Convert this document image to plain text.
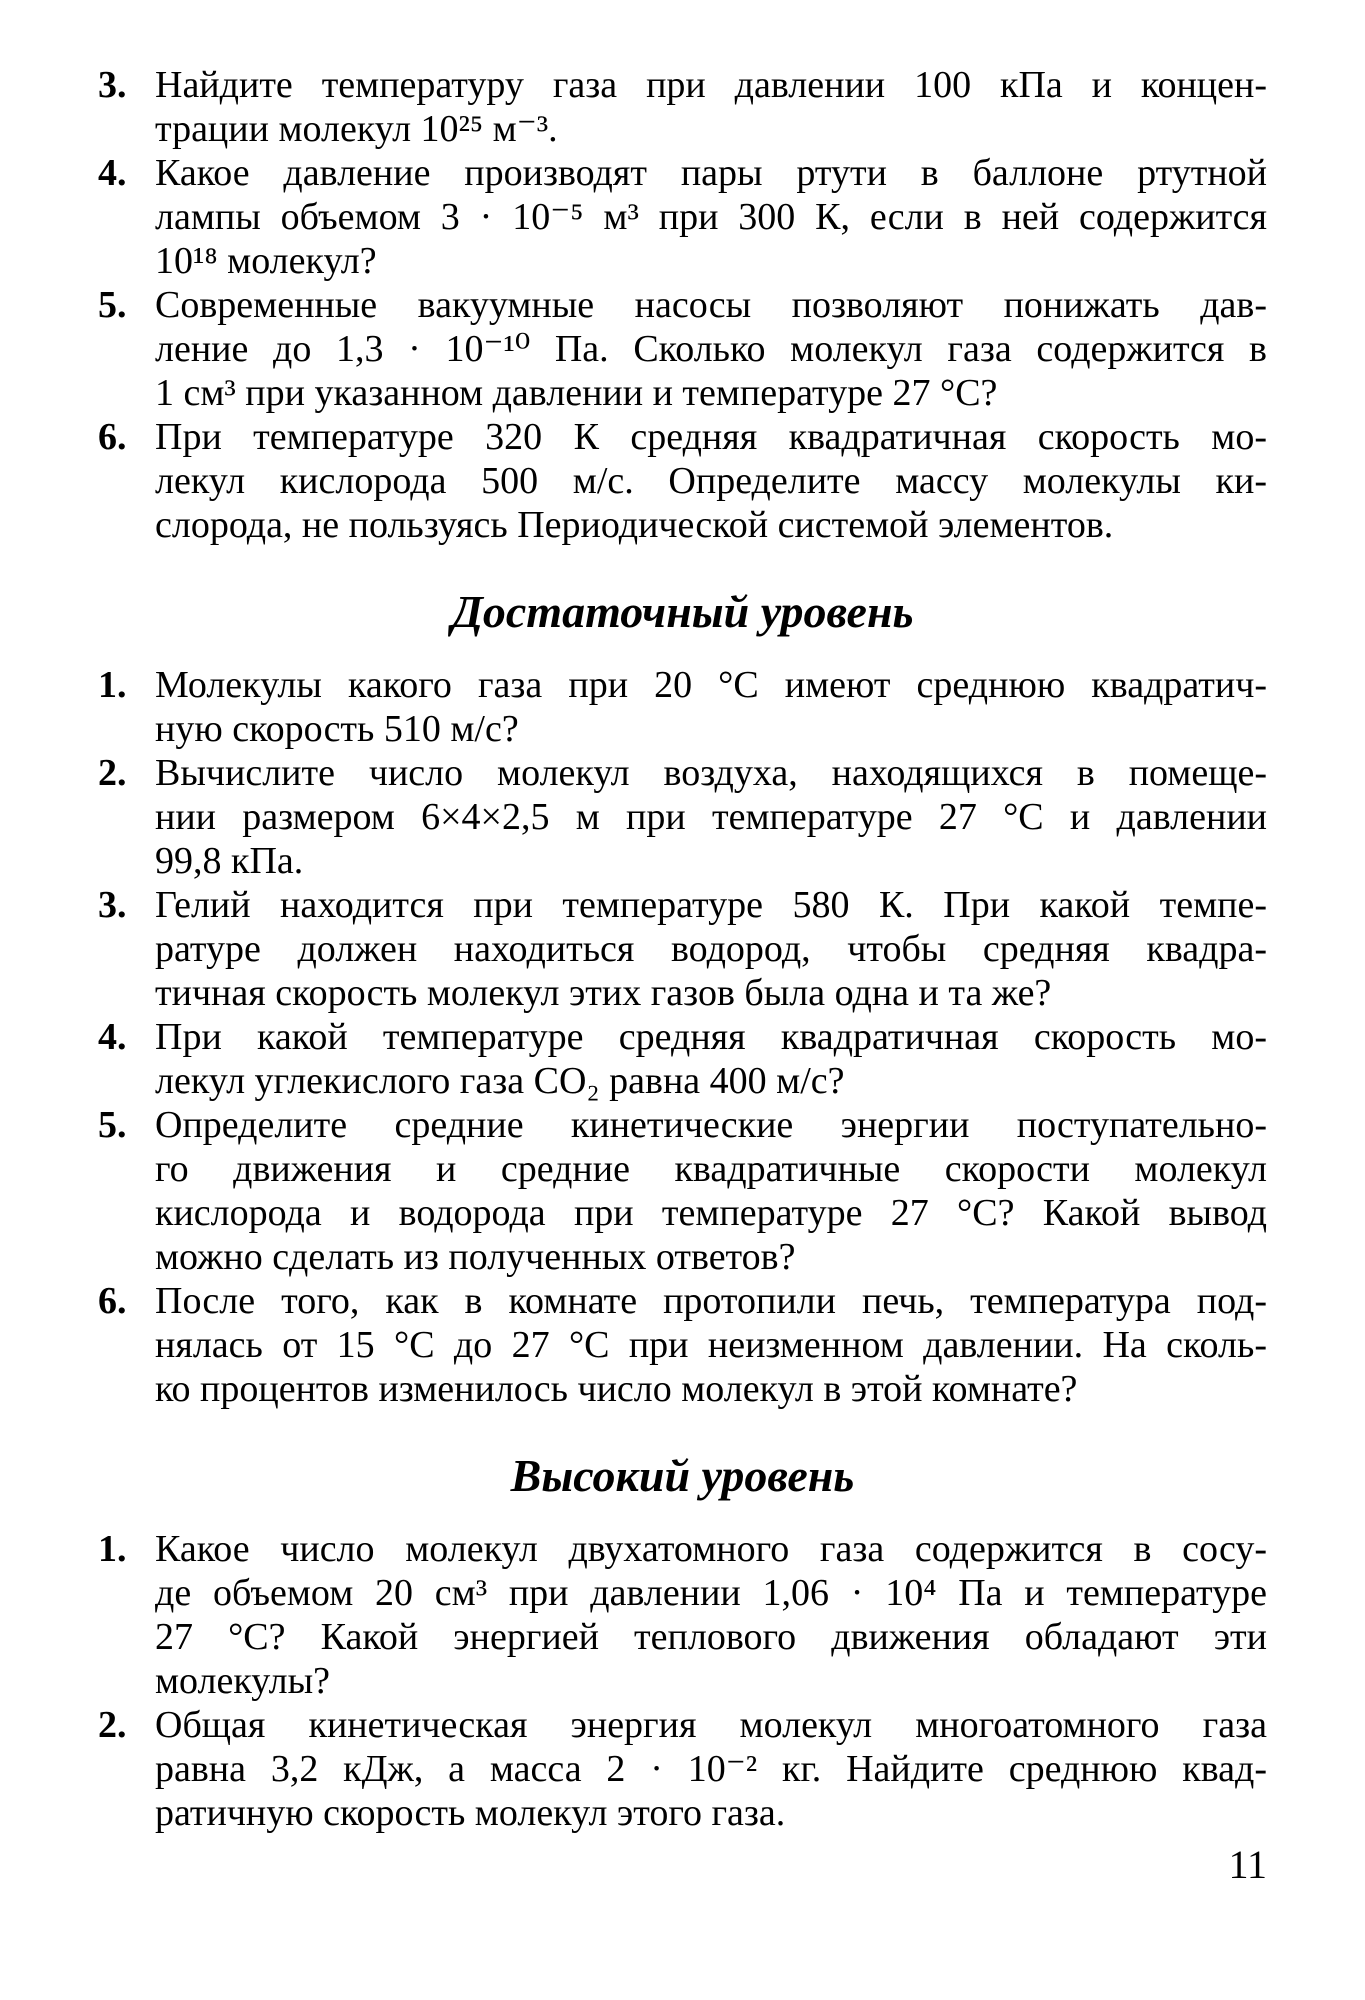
3. Найдите температуру газа при давлении 100 кПа и концен-
трации молекул 10²⁵ м⁻³.
4. Какое давление производят пары ртути в баллоне ртутной
лампы объемом 3 · 10⁻⁵ м³ при 300 К, если в ней содержится
10¹⁸ молекул?
5. Современные вакуумные насосы позволяют понижать дав-
ление до 1,3 · 10⁻¹⁰ Па. Сколько молекул газа содержится в
1 см³ при указанном давлении и температуре 27 °С?
6. При температуре 320 К средняя квадратичная скорость мо-
лекул кислорода 500 м/с. Определите массу молекулы ки-
слорода, не пользуясь Периодической системой элементов.
Достаточный уровень
1. Молекулы какого газа при 20 °С имеют среднюю квадратич-
ную скорость 510 м/с?
2. Вычислите число молекул воздуха, находящихся в помеще-
нии размером 6×4×2,5 м при температуре 27 °С и давлении
99,8 кПа.
3. Гелий находится при температуре 580 К. При какой темпе-
ратуре должен находиться водород, чтобы средняя квадра-
тичная скорость молекул этих газов была одна и та же?
4. При какой температуре средняя квадратичная скорость мо-
лекул углекислого газа CO₂ равна 400 м/с?
5. Определите средние кинетические энергии поступательно-
го движения и средние квадратичные скорости молекул
кислорода и водорода при температуре 27 °С? Какой вывод
можно сделать из полученных ответов?
6. После того, как в комнате протопили печь, температура под-
нялась от 15 °С до 27 °С при неизменном давлении. На сколь-
ко процентов изменилось число молекул в этой комнате?
Высокий уровень
1. Какое число молекул двухатомного газа содержится в сосу-
де объемом 20 см³ при давлении 1,06 · 10⁴ Па и температуре
27 °С? Какой энергией теплового движения обладают эти
молекулы?
2. Общая кинетическая энергия молекул многоатомного газа
равна 3,2 кДж, а масса 2 · 10⁻² кг. Найдите среднюю квад-
ратичную скорость молекул этого газа.
11
